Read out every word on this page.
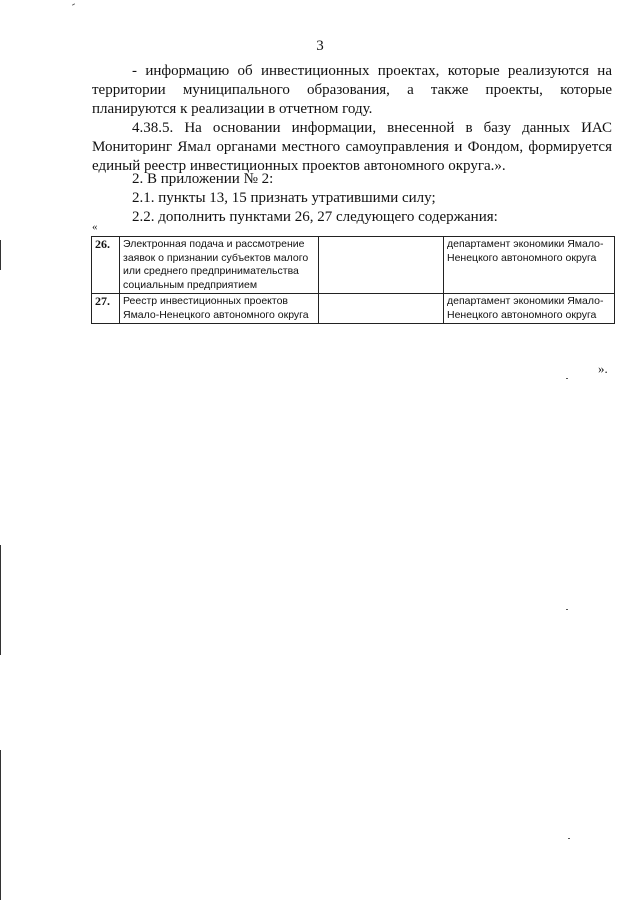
3

- информацию об инвестиционных проектах, которые реализуются на территории муниципального образования, а также проекты, которые планируются к реализации в отчетном году.

4.38.5. На основании информации, внесенной в базу данных ИАС Мониторинг Ямал органами местного самоуправления и Фондом, формируется единый реестр инвестиционных проектов автономного округа.».

2. В приложении № 2:

2.1. пункты 13, 15 признать утратившими силу;

2.2. дополнить пунктами 26, 27 следующего содержания:

«
26.	Электронная подача и рассмотрение заявок о признании субъектов малого или среднего предпринимательства социальным предприятием		департамент экономики Ямало-Ненецкого автономного округа
27.	Реестр инвестиционных проектов Ямало-Ненецкого автономного округа		департамент экономики Ямало-Ненецкого автономного округа
».
